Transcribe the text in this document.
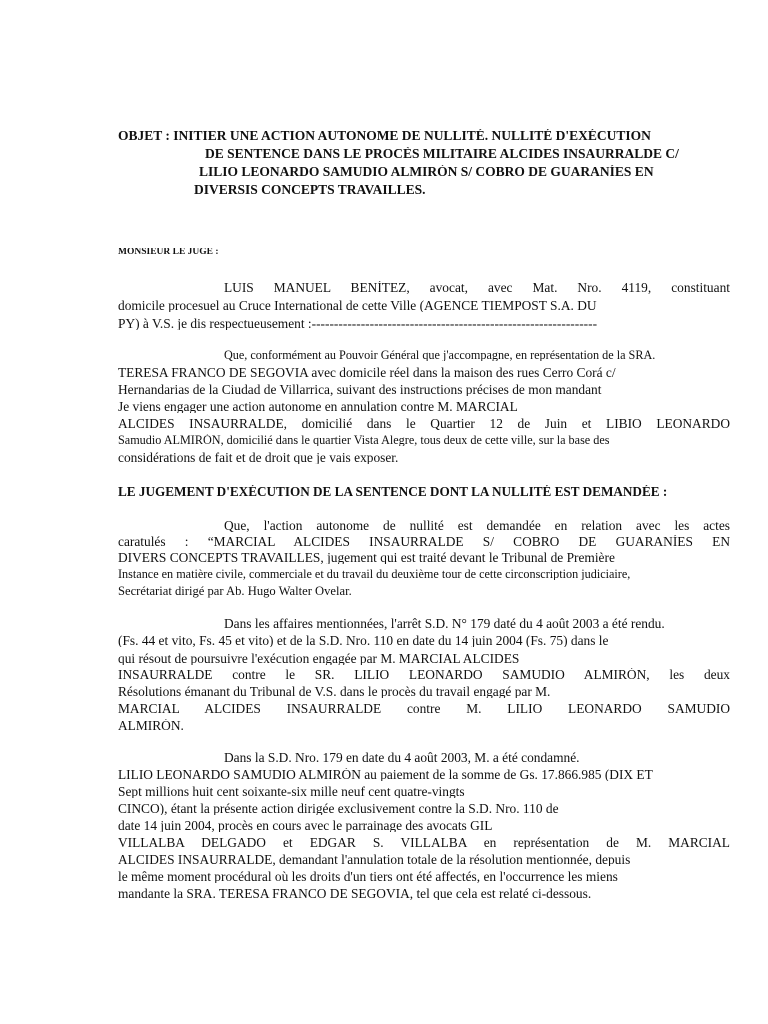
OBJET : INITIER UNE ACTION AUTONOME DE NULLITÉ. NULLITÉ D'EXÉCUTION
DE SENTENCE DANS LE PROCÈS MILITAIRE ALCIDES INSAURRALDE C/
LILIO LEONARDO SAMUDIO ALMIRÓN S/ COBRO DE GUARANÍES EN
DIVERSIS CONCEPTS TRAVAILLES.
MONSIEUR LE JUGE :
LUIS MANUEL BENÍTEZ, avocat, avec Mat. Nro. 4119, constituant
domicile procesuel au Cruce International de cette Ville (AGENCE TIEMPOST S.A. DU
PY) à V.S. je dis respectueusement :----------------------------------------------------------------
Que, conformément au Pouvoir Général que j'accompagne, en représentation de la SRA.
TERESA FRANCO DE SEGOVIA avec domicile réel dans la maison des rues Cerro Corá c/
Hernandarias de la Ciudad de Villarrica, suivant des instructions précises de mon mandant
Je viens engager une action autonome en annulation contre M. MARCIAL
ALCIDES INSAURRALDE, domicilié dans le Quartier 12 de Juin et LIBIO LEONARDO
Samudio ALMIRÓN, domicilié dans le quartier Vista Alegre, tous deux de cette ville, sur la base des
considérations de fait et de droit que je vais exposer.
LE JUGEMENT D'EXÉCUTION DE LA SENTENCE DONT LA NULLITÉ EST DEMANDÉE :
Que, l'action autonome de nullité est demandée en relation avec les actes
caratulés : “MARCIAL ALCIDES INSAURRALDE S/ COBRO DE GUARANÍES EN
DIVERS CONCEPTS TRAVAILLES, jugement qui est traité devant le Tribunal de Première
Instance en matière civile, commerciale et du travail du deuxième tour de cette circonscription judiciaire,
Secrétariat dirigé par Ab. Hugo Walter Ovelar.
Dans les affaires mentionnées, l'arrêt S.D. N° 179 daté du 4 août 2003 a été rendu.
(Fs. 44 et vito, Fs. 45 et vito) et de la S.D. Nro. 110 en date du 14 juin 2004 (Fs. 75) dans le
qui résout de poursuivre l'exécution engagée par M. MARCIAL ALCIDES
INSAURRALDE contre le SR. LILIO LEONARDO SAMUDIO ALMIRÓN, les deux
Résolutions émanant du Tribunal de V.S. dans le procès du travail engagé par M.
MARCIAL ALCIDES INSAURRALDE contre M. LILIO LEONARDO SAMUDIO
ALMIRÓN.
Dans la S.D. Nro. 179 en date du 4 août 2003, M. a été condamné.
LILIO LEONARDO SAMUDIO ALMIRÓN au paiement de la somme de Gs. 17.866.985 (DIX ET
Sept millions huit cent soixante-six mille neuf cent quatre-vingts
CINCO), étant la présente action dirigée exclusivement contre la S.D. Nro. 110 de
date 14 juin 2004, procès en cours avec le parrainage des avocats GIL
VILLALBA DELGADO et EDGAR S. VILLALBA en représentation de M. MARCIAL
ALCIDES INSAURRALDE, demandant l'annulation totale de la résolution mentionnée, depuis
le même moment procédural où les droits d'un tiers ont été affectés, en l'occurrence les miens
mandante la SRA. TERESA FRANCO DE SEGOVIA, tel que cela est relaté ci-dessous.
